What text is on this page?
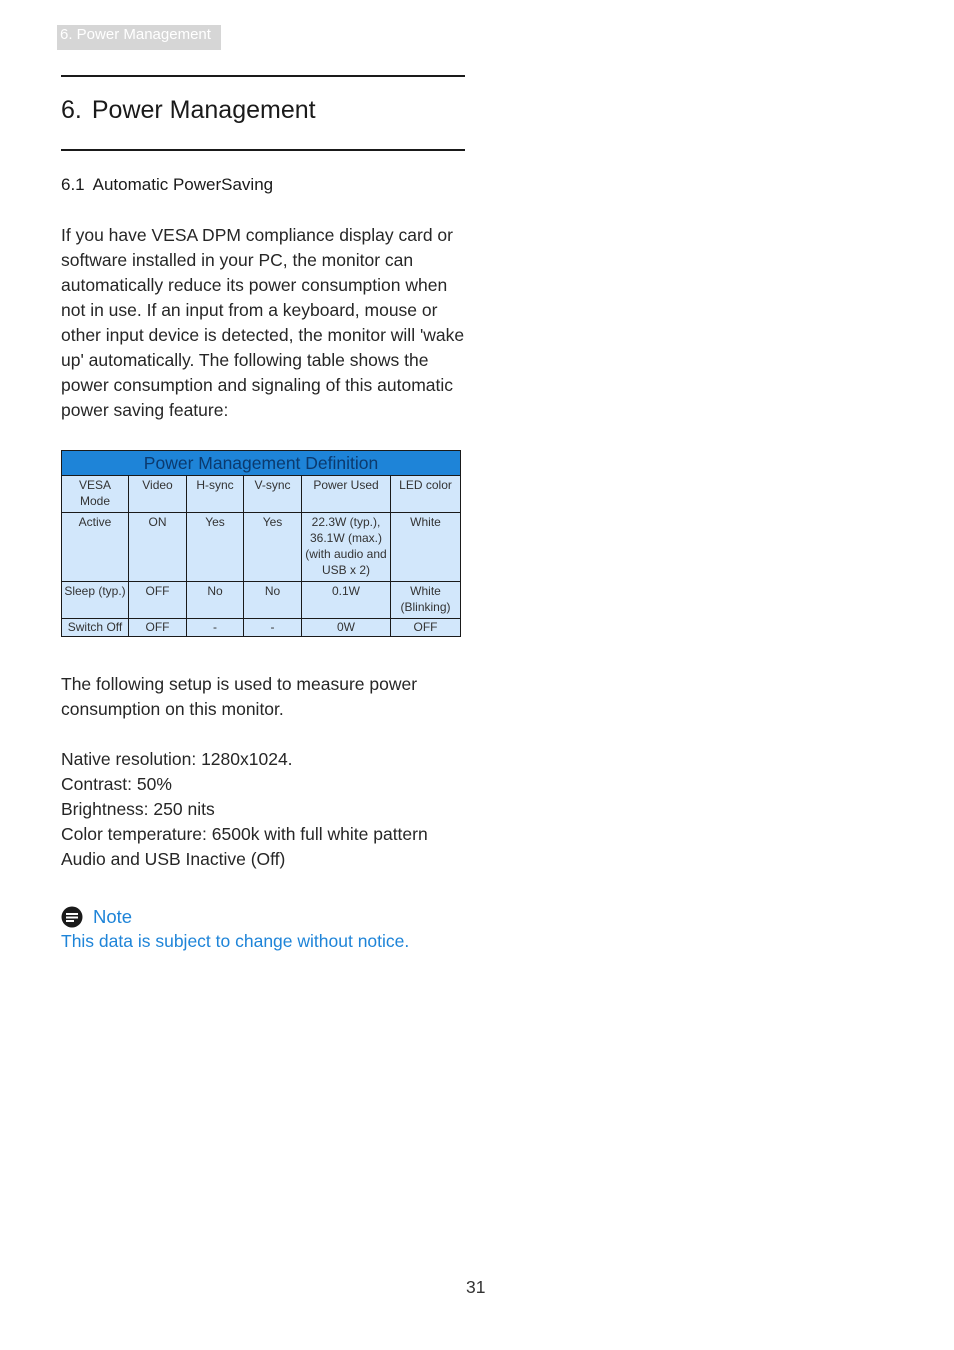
6. Power Management
6. Power Management
6.1 Automatic PowerSaving

If you have VESA DPM compliance display card or software installed in your PC, the monitor can automatically reduce its power consumption when not in use. If an input from a keyboard, mouse or other input device is detected, the monitor will 'wake up' automatically. The following table shows the power consumption and signaling of this automatic power saving feature:

Power Management Definition					
VESA Mode	Video	H-sync	V-sync	Power Used	LED color
Active	ON	Yes	Yes	22.3W (typ.), 36.1W (max.) (with audio and USB x 2)	White
Sleep (typ.)	OFF	No	No	0.1W	White (Blinking)
Switch Off	OFF	-	-	0W	OFF

The following setup is used to measure power consumption on this monitor.

Native resolution: 1280x1024.
Contrast: 50%
Brightness: 250 nits
Color temperature: 6500k with full white pattern
Audio and USB Inactive (Off)
Note

This data is subject to change without notice.

31
